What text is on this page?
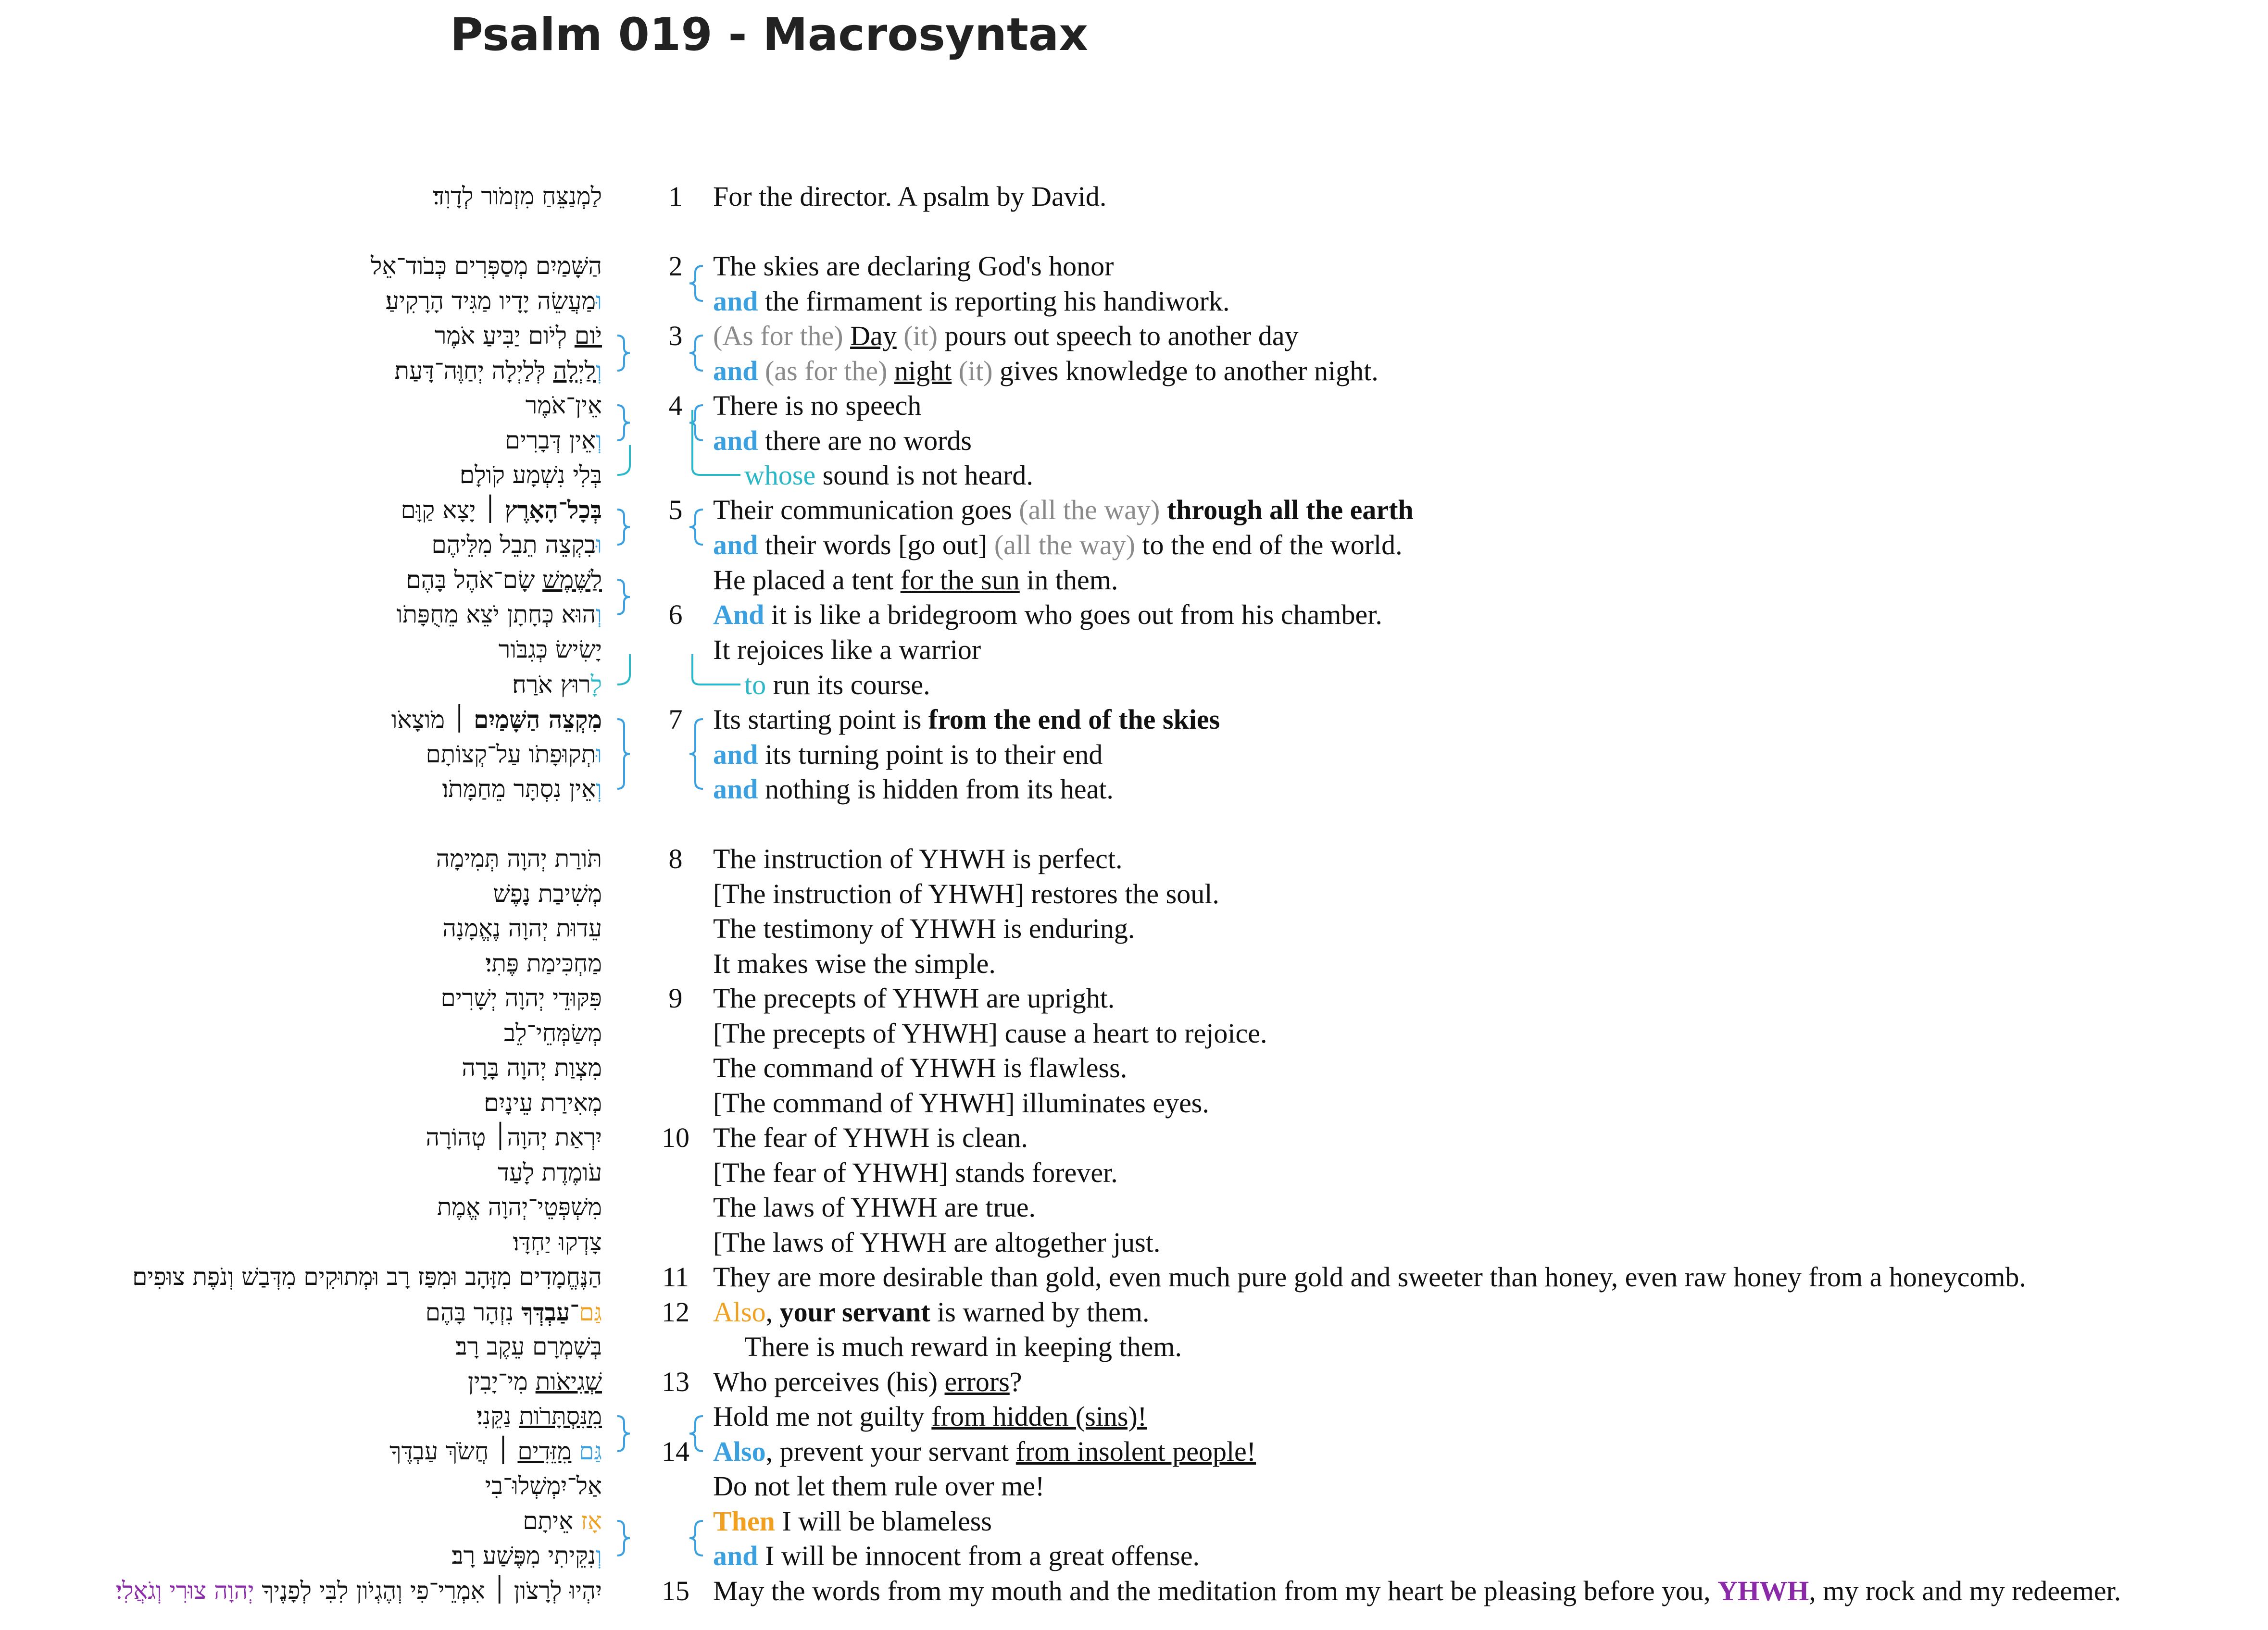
Psalm 019 - Macrosyntax
לַמְנַצֵּחַ מִזְמֹור לְדָוִד׃	1	For the director. A psalm by David.
הַשָּׁמַיִם מְסַפְּרִים כְּבֹוד־אֵל	2	The skies are declaring God's honor
וּמַעֲשֵׂה יָדָיו מַגִּיד הָרָקִיעַ׃	and the firmament is reporting his handiwork.
יֹום לְיֹום יַבִּיעַ אֹמֶר	3	(As for the) Day (it) pours out speech to another day
וְלַיְלָה לְּלַיְלָה יְחַוֶּה־דָּעַת׃	and (as for the) night (it) gives knowledge to another night.
אֵין־אֹמֶר	4	There is no speech
וְאֵין דְּבָרִים	and there are no words
בְּלִי נִשְׁמָע קֹולָם׃	whose sound is not heard.
בְּכָל־הָאָרֶץ ׀ יָצָא קַוָּם	5	Their communication goes (all the way) through all the earth
וּבִקְצֵה תֵבֵל מִלֵּיהֶם	and their words [go out] (all the way) to the end of the world.
לַשֶּׁמֶשׁ שָׂם־אֹהֶל בָּהֶם׃	He placed a tent for the sun in them.
וְהוּא כְּחָתָן יֹצֵא מֵחֻפָּתֹו	6	And it is like a bridegroom who goes out from his chamber.
יָשִׂישׂ כְּגִבֹּור	It rejoices like a warrior
לָרוּץ אֹרַח׃	to run its course.
מִקְצֵה הַשָּׁמַיִם ׀ מֹוצָאֹו	7	Its starting point is from the end of the skies
וּתְקוּפָתֹו עַל־קְצוֹתָם	and its turning point is to their end
וְאֵין נִסְתָּר מֵחַמָּתֹו׃	and nothing is hidden from its heat.
תֹּורַת יְהוָה תְּמִימָה	8	The instruction of YHWH is perfect.
מְשִׁיבַת נָפֶשׁ	[The instruction of YHWH] restores the soul.
עֵדוּת יְהוָה נֶאֱמָנָה	The testimony of YHWH is enduring.
מַחְכִּימַת פֶּתִי׃	It makes wise the simple.
פִּקּוּדֵי יְהוָה יְשָׁרִים	9	The precepts of YHWH are upright.
מְשַׂמְּחֵי־לֵב	[The precepts of YHWH] cause a heart to rejoice.
מִצְוַת יְהוָה בָּרָה	The command of YHWH is flawless.
מְאִירַת עֵינָיִם׃	[The command of YHWH] illuminates eyes.
יִרְאַת יְהוָה׀ טְהוֹרָה	10 The fear of YHWH is clean.
עֹומֶדֶת לָעַד	[The fear of YHWH] stands forever.
מִשְׁפְּטֵי־יְהוָה אֱמֶת	The laws of YHWH are true.
צָדְקוּ יַחְדָּו׃	[The laws of YHWH are altogether just.
הַנֶּחֱמָדִים מִזָּהָב וּמִפַּז רָב וּמְתוּקִים מִדְּבַשׁ וְנֹפֶת צוּפִים׃	11 They are more desirable than gold, even much pure gold and sweeter than honey, even raw honey from a honeycomb.
גַּם־עַבְדְּךָ נִזְהָר בָּהֶם	12 Also, your servant is warned by them.
בְּשָׁמְרָם עֵקֶב רָב׃	There is much reward in keeping them.
שְׁגִיאֹות מִי־יָבִין	13 Who perceives (his) errors?
מִנִּסְתָּרֹות נַקֵּנִי׃	Hold me not guilty from hidden (sins)!
גַּם מִזֵּדִים ׀ חֲשֹׂךְ עַבְדֶּךָ	14 Also, prevent your servant from insolent people!
אַל־יִמְשְׁלוּ־בִי	Do not let them rule over me!
אָז אֵיתָם	Then I will be blameless
וְנִקֵּיתִי מִפֶּשַׁע רָב׃	and I will be innocent from a great offense.
יִהְיוּ לְרָצֹון ׀ אִמְרֵי־פִי וְהֶגְיֹון לִבִּי לְפָנֶיךָ יְהוָה צוּרִי וְגֹאֲלִי׃	15 May the words from my mouth and the meditation from my heart be pleasing before you, YHWH, my rock and my redeemer.
